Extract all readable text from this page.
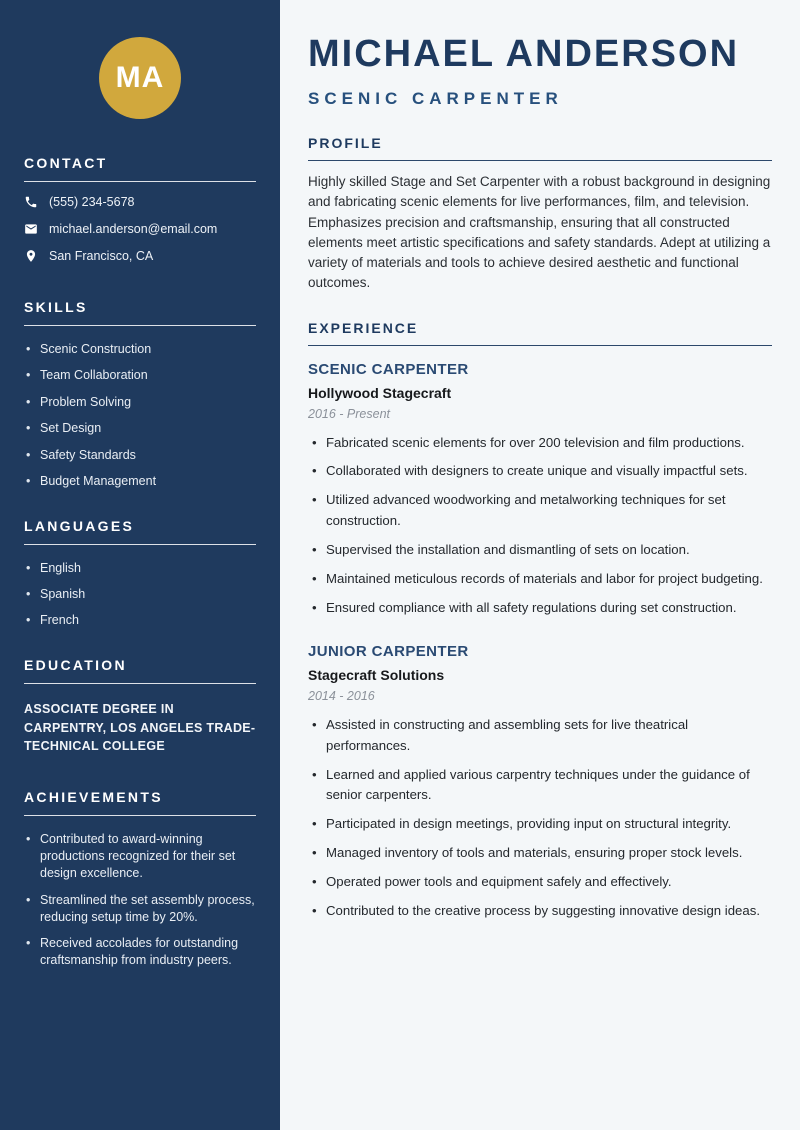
MA
CONTACT
(555) 234-5678
michael.anderson@email.com
San Francisco, CA
SKILLS
• Scenic Construction
• Team Collaboration
• Problem Solving
• Set Design
• Safety Standards
• Budget Management
LANGUAGES
• English
• Spanish
• French
EDUCATION
ASSOCIATE DEGREE IN CARPENTRY, LOS ANGELES TRADE-TECHNICAL COLLEGE
ACHIEVEMENTS
• Contributed to award-winning productions recognized for their set design excellence.
• Streamlined the set assembly process, reducing setup time by 20%.
• Received accolades for outstanding craftsmanship from industry peers.
MICHAEL ANDERSON
SCENIC CARPENTER
PROFILE

Highly skilled Stage and Set Carpenter with a robust background in designing and fabricating scenic elements for live performances, film, and television. Emphasizes precision and craftsmanship, ensuring that all constructed elements meet artistic specifications and safety standards. Adept at utilizing a variety of materials and tools to achieve desired aesthetic and functional outcomes.

EXPERIENCE
SCENIC CARPENTER
Hollywood Stagecraft
2016 - Present
• Fabricated scenic elements for over 200 television and film productions.
• Collaborated with designers to create unique and visually impactful sets.
• Utilized advanced woodworking and metalworking techniques for set construction.
• Supervised the installation and dismantling of sets on location.
• Maintained meticulous records of materials and labor for project budgeting.
• Ensured compliance with all safety regulations during set construction.
JUNIOR CARPENTER
Stagecraft Solutions
2014 - 2016
• Assisted in constructing and assembling sets for live theatrical performances.
• Learned and applied various carpentry techniques under the guidance of senior carpenters.
• Participated in design meetings, providing input on structural integrity.
• Managed inventory of tools and materials, ensuring proper stock levels.
• Operated power tools and equipment safely and effectively.
• Contributed to the creative process by suggesting innovative design ideas.
